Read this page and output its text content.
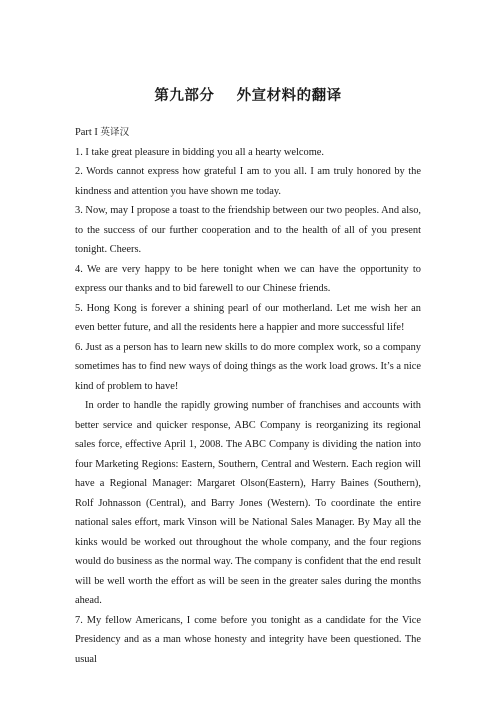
第九部分    外宣材料的翻译

Part I 英译汉

1. I take great pleasure in bidding you all a hearty welcome.

2. Words cannot express how grateful I am to you all. I am truly honored by the kindness and attention you have shown me today.

3. Now, may I propose a toast to the friendship between our two peoples. And also, to the success of our further cooperation and to the health of all of you present tonight. Cheers.

4. We are very happy to be here tonight when we can have the opportunity to express our thanks and to bid farewell to our Chinese friends.

5. Hong Kong is forever a shining pearl of our motherland. Let me wish her an even better future, and all the residents here a happier and more successful life!

6. Just as a person has to learn new skills to do more complex work, so a company sometimes has to find new ways of doing things as the work load grows. It’s a nice kind of problem to have!

In order to handle the rapidly growing number of franchises and accounts with better service and quicker response, ABC Company is reorganizing its regional sales force, effective April 1, 2008. The ABC Company is dividing the nation into four Marketing Regions: Eastern, Southern, Central and Western. Each region will have a Regional Manager: Margaret Olson(Eastern), Harry Baines (Southern), Rolf Johnasson (Central), and Barry Jones (Western). To coordinate the entire national sales effort, mark Vinson will be National Sales Manager. By May all the kinks would be worked out throughout the whole company, and the four regions would do business as the normal way. The company is confident that the end result will be well worth the effort as will be seen in the greater sales during the months ahead.

7. My fellow Americans, I come before you tonight as a candidate for the Vice Presidency and as a man whose honesty and integrity have been questioned. The usual
